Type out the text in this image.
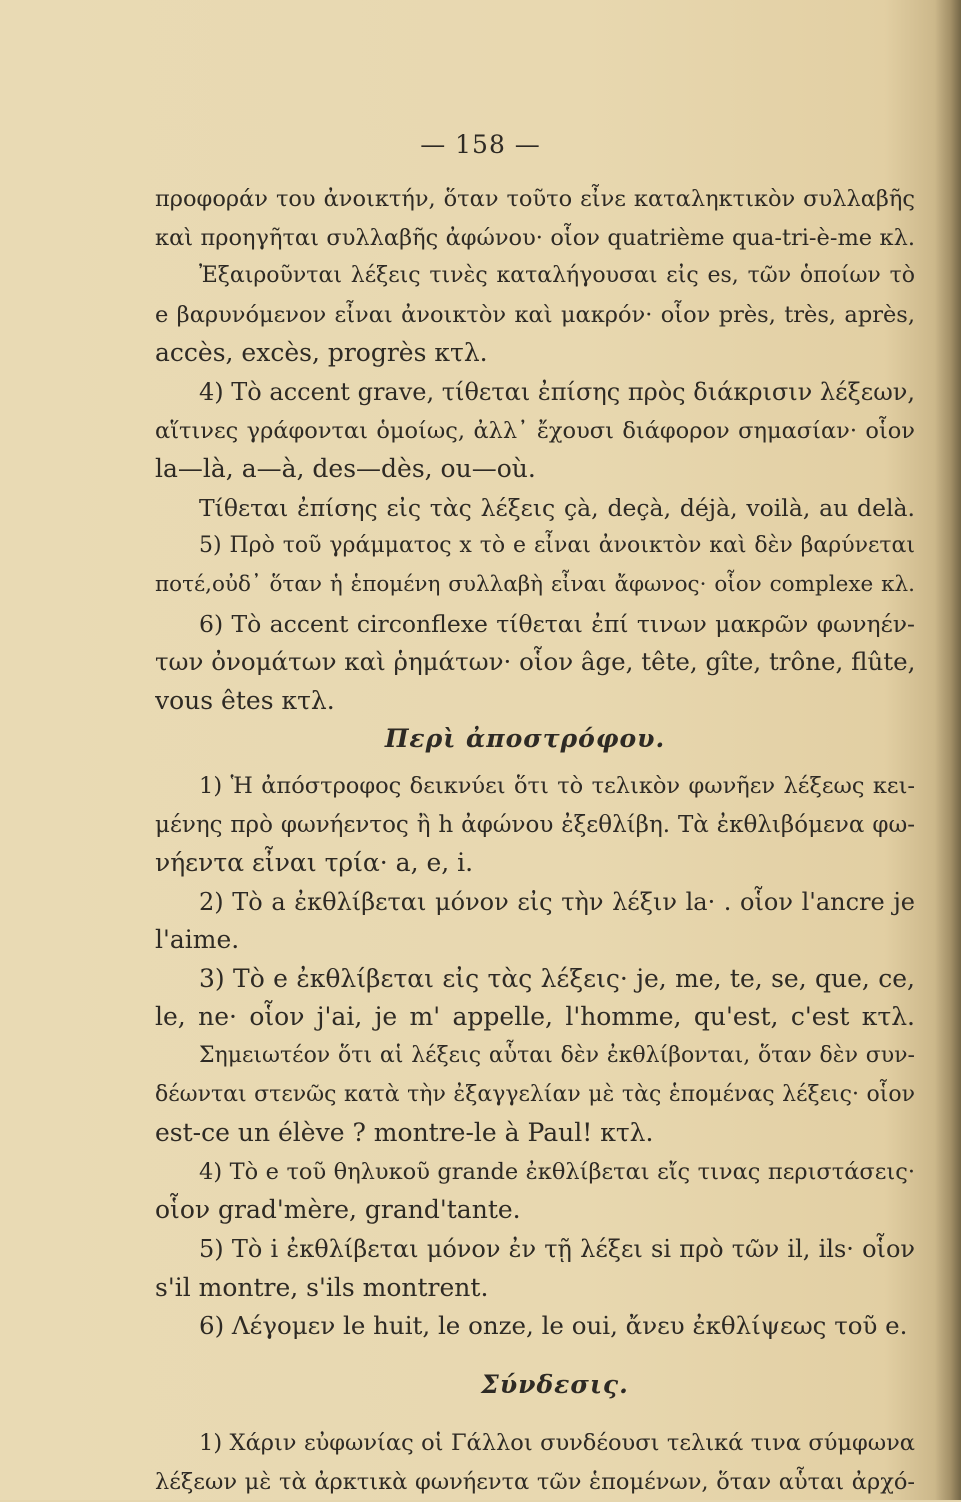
— 158 —
προφοράν του ἀνοικτήν, ὅταν τοῦτο εἶνε καταληκτικὸν συλλαβῆς
καὶ προηγῆται συλλαβῆς ἀφώνου· οἷον quatrième qua-tri-è-me κλ.
Ἐξαιροῦνται λέξεις τινὲς καταλήγουσαι εἰς es, τῶν ὁποίων τὸ
e βαρυνόμενον εἶναι ἀνοικτὸν καὶ μακρόν· οἷον près, très, après,
accès, excès, progrès κτλ.
4) Τὸ accent grave, τίθεται ἐπίσης πρὸς διάκρισιν λέξεων,
αἵτινες γράφονται ὁμοίως, ἀλλ᾽ ἔχουσι διάφορον σημασίαν· οἷον
la—là, a—à, des—dès, ou—où.
Τίθεται ἐπίσης εἰς τὰς λέξεις çà, deçà, déjà, voilà, au delà.
5) Πρὸ τοῦ γράμματος x τὸ e εἶναι ἀνοικτὸν καὶ δὲν βαρύνεται
ποτέ,οὐδ᾽ ὅταν ἡ ἑπομένη συλλαβὴ εἶναι ἄφωνος· οἷον complexe κλ.
6) Τὸ accent circonflexe τίθεται ἐπί τινων μακρῶν φωνηέν-
των ὀνομάτων καὶ ῥημάτων· οἷον âge, tête, gîte, trône, flûte,
vous êtes κτλ.
Περὶ ἀποστρόφου.
1) Ἡ ἀπόστροφος δεικνύει ὅτι τὸ τελικὸν φωνῆεν λέξεως κει-
μένης πρὸ φωνήεντος ἢ h ἀφώνου ἐξεθλίβη. Τὰ ἐκθλιβόμενα φω-
νήεντα εἶναι τρία· a, e, i.
2) Τὸ a ἐκθλίβεται μόνον εἰς τὴν λέξιν la· . οἷον l'ancre je
l'aime.
3) Τὸ e ἐκθλίβεται εἰς τὰς λέξεις· je, me, te, se, que, ce,
le, ne· οἷον j'ai, je m' appelle, l'homme, qu'est, c'est κτλ.
Σημειωτέον ὅτι αἱ λέξεις αὗται δὲν ἐκθλίβονται, ὅταν δὲν συν-
δέωνται στενῶς κατὰ τὴν ἐξαγγελίαν μὲ τὰς ἑπομένας λέξεις· οἷον
est-ce un élève ? montre-le à Paul! κτλ.
4) Τὸ e τοῦ θηλυκοῦ grande ἐκθλίβεται εἴς τινας περιστάσεις·
οἷον grad'mère, grand'tante.
5) Τὸ i ἐκθλίβεται μόνον ἐν τῇ λέξει si πρὸ τῶν il, ils· οἷον
s'il montre, s'ils montrent.
6) Λέγομεν le huit, le onze, le oui, ἄνευ ἐκθλίψεως τοῦ e.
Σύνδεσις.
1) Χάριν εὐφωνίας οἱ Γάλλοι συνδέουσι τελικά τινα σύμφωνα
λέξεων μὲ τὰ ἀρκτικὰ φωνήεντα τῶν ἑπομένων, ὅταν αὗται ἀρχό-
